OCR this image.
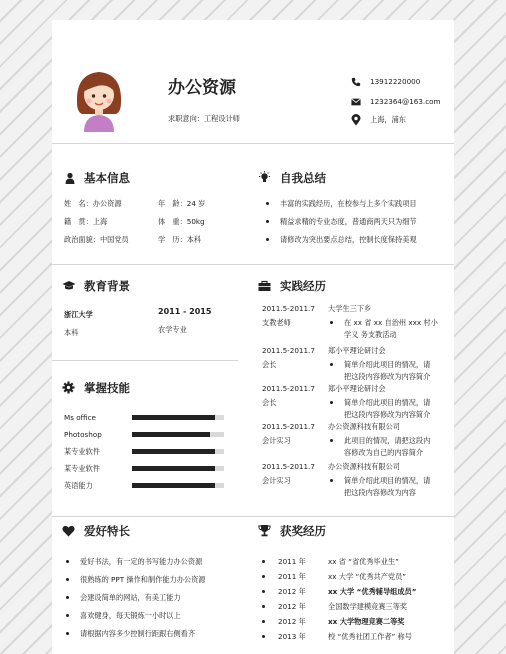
办公资源
求职意向：工程设计师
13912220000
1232364@163.com
上海，浦东
基本信息
姓　名：办公资源	年　龄：24 岁
籍　贯：上海	体　重：50kg
政治面貌：中国党员	学　历：本科
自我总结
丰富的实践经历，在校参与上多个实践项目
精益求精的专业态度，普通商两天只为细节
请修改为突出要点总结，控制长度保持美观
教育背景
浙江大学	2011 - 2015
本科	农学专业
实践经历
2011.5-2011.7
支教老师
大学生三下乡
在 xx 省 xx 自治州 xxx 村小
学义 务支教活动
2011.5-2011.7
会长
郑小平理论研讨会
简单介绍此项目的情况，请
把这段内容修改为内容简介
2011.5-2011.7
会长
郑小平理论研讨会
简单介绍此项目的情况，请
把这段内容修改为内容简介
2011.5-2011.7
会计实习
办公资源科技有限公司
此项目的情况，请把这段内
容修改为自己的内容简介
2011.5-2011.7
会计实习
办公资源科技有限公司
简单介绍此项目的情况，请
把这段内容修改为内容
掌握技能
Ms office
Photoshop
某专业软件
某专业软件
英语能力
爱好特长
爱好书法，有一定的书写能力办公资源
很熟练的 PPT 操作和制作能力办公资源
会建设简单的网站，有美工能力
喜欢健身，每天锻炼一小时以上
请根据内容多少控制行距跟右侧看齐
获奖经历
2011 年	xx 省 “省优秀毕业生”
2011 年	xx 大学 “优秀共产党员”
2012 年	xx 大学 “优秀辅导组成员”
2012 年	全国数学建模竞赛三等奖
2012 年	xx 大学物理竞赛二等奖
2013 年	校 “优秀社团工作者” 称号
